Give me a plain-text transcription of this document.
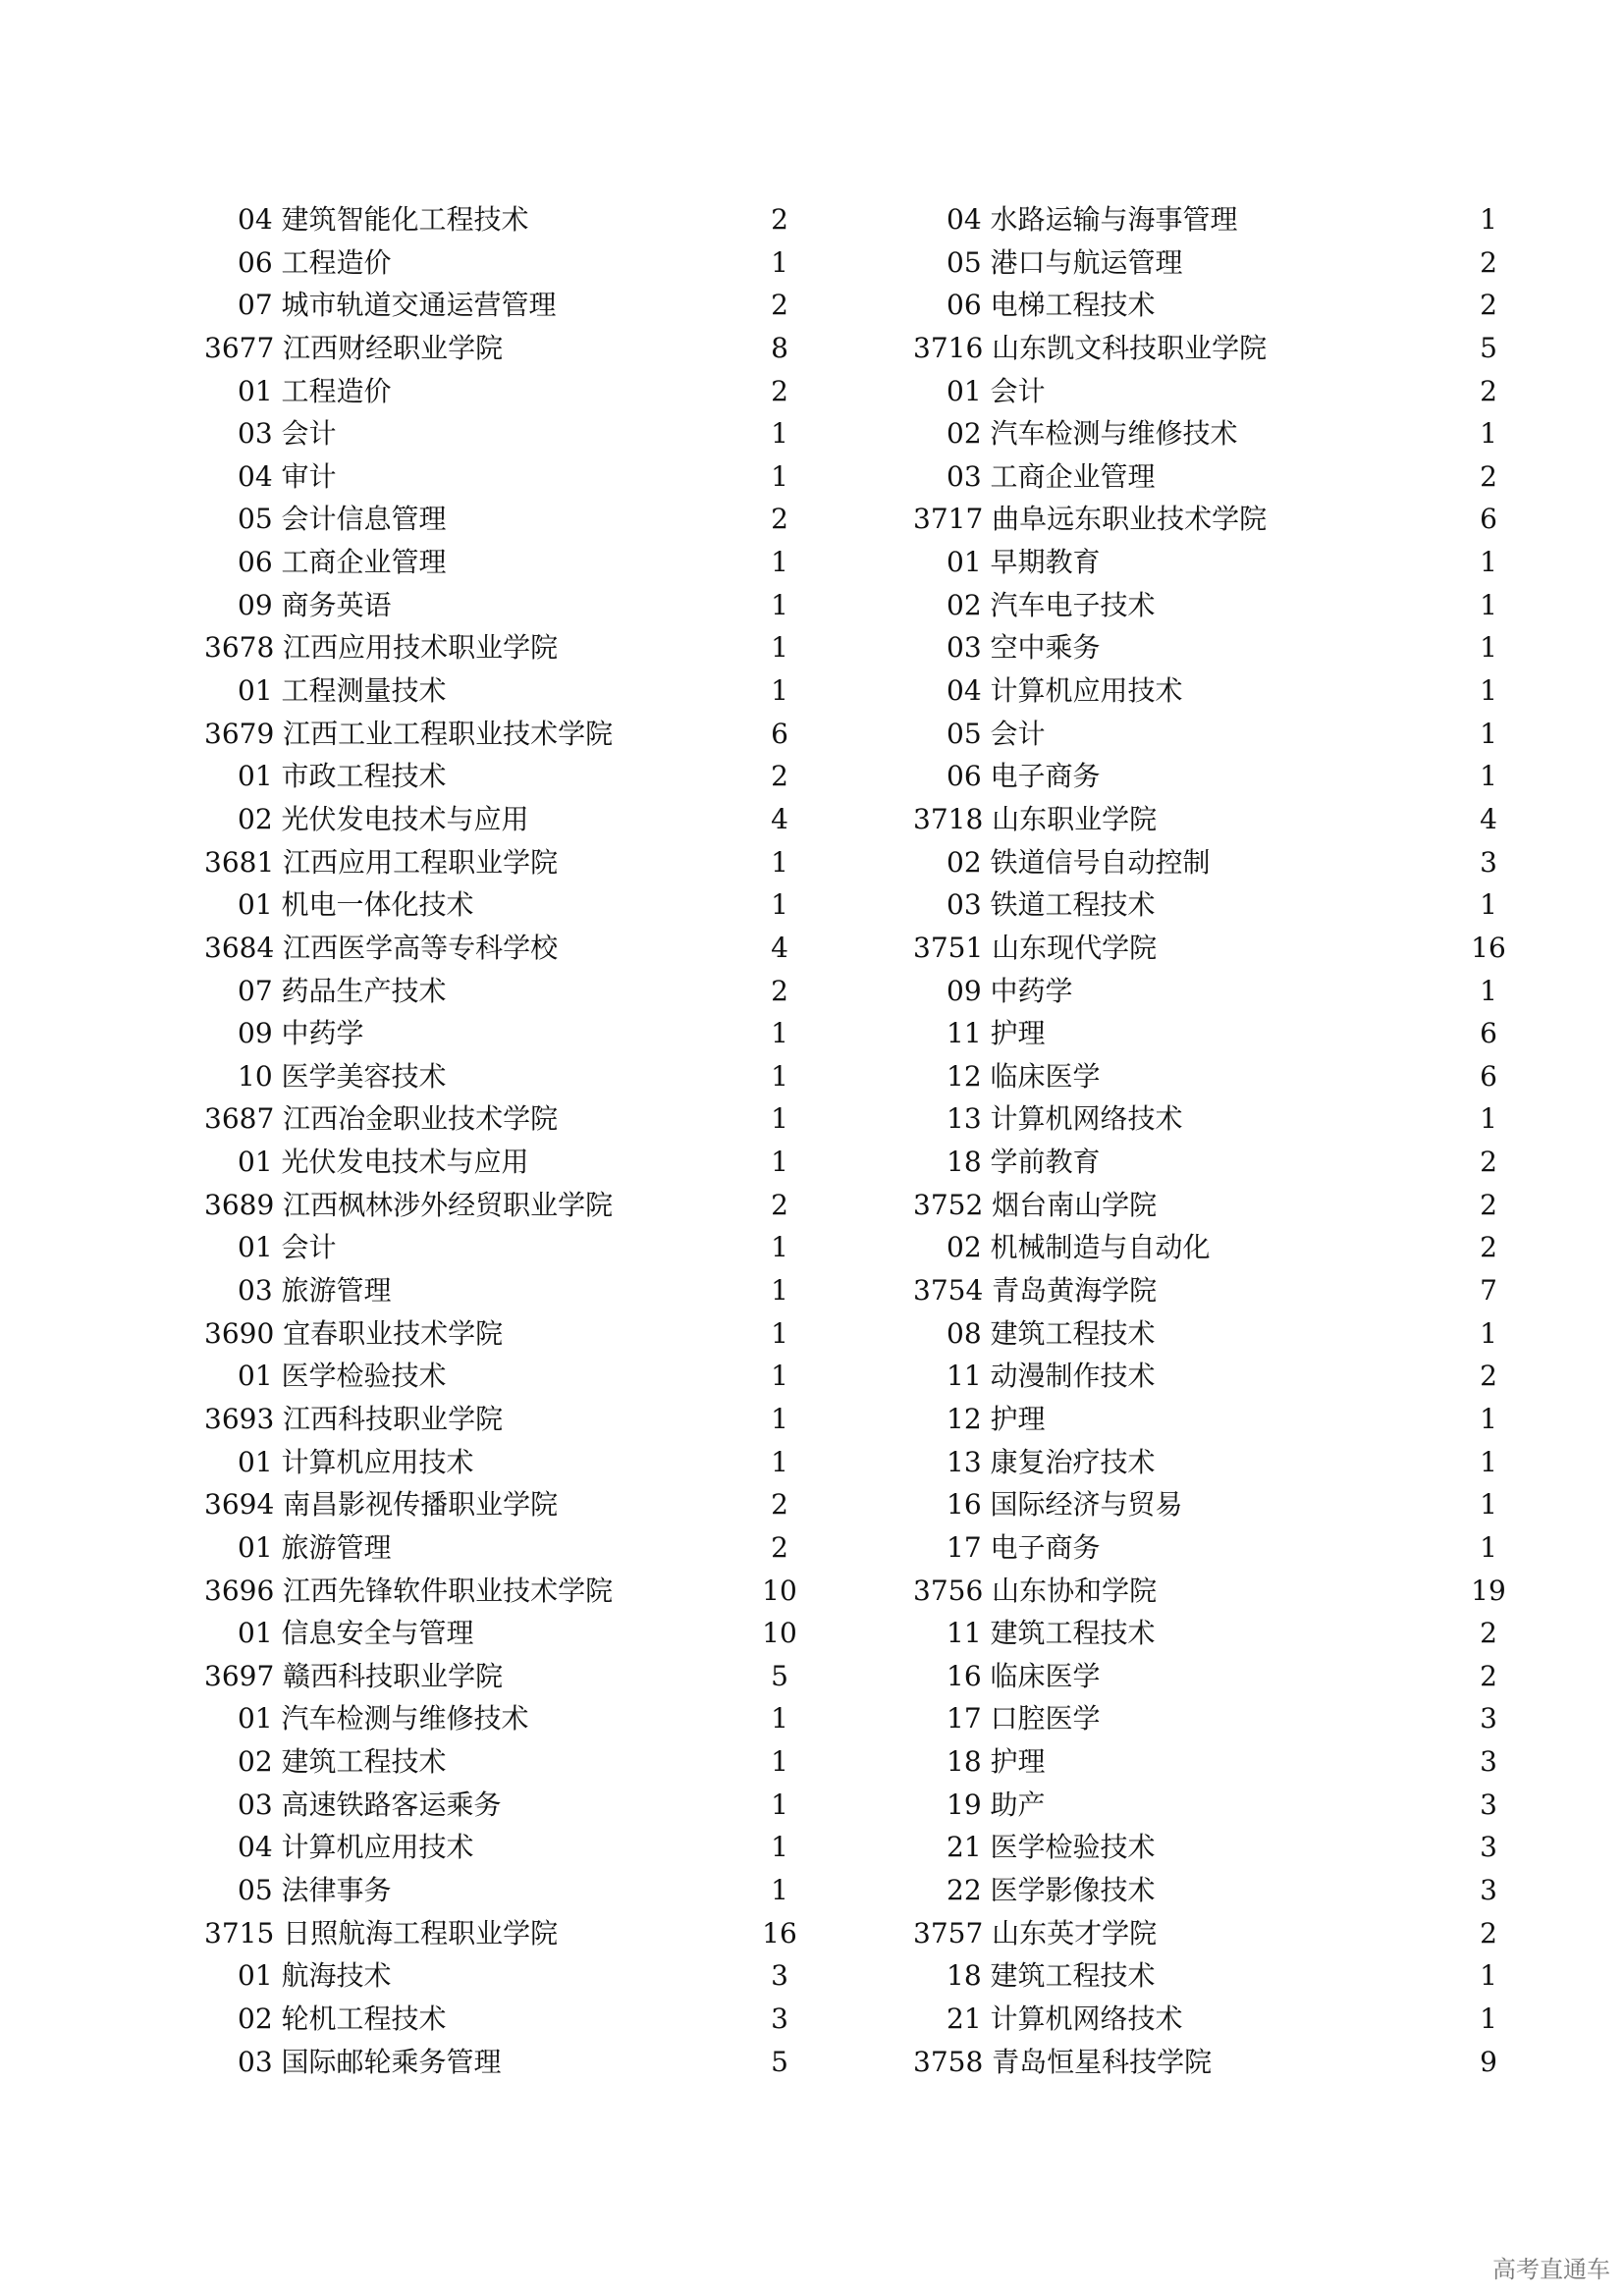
04 建筑智能化工程技术	2
06 工程造价	1
07 城市轨道交通运营管理	2
3677 江西财经职业学院	8
01 工程造价	2
03 会计	1
04 审计	1
05 会计信息管理	2
06 工商企业管理	1
09 商务英语	1
3678 江西应用技术职业学院	1
01 工程测量技术	1
3679 江西工业工程职业技术学院	6
01 市政工程技术	2
02 光伏发电技术与应用	4
3681 江西应用工程职业学院	1
01 机电一体化技术	1
3684 江西医学高等专科学校	4
07 药品生产技术	2
09 中药学	1
10 医学美容技术	1
3687 江西冶金职业技术学院	1
01 光伏发电技术与应用	1
3689 江西枫林涉外经贸职业学院	2
01 会计	1
03 旅游管理	1
3690 宜春职业技术学院	1
01 医学检验技术	1
3693 江西科技职业学院	1
01 计算机应用技术	1
3694 南昌影视传播职业学院	2
01 旅游管理	2
3696 江西先锋软件职业技术学院	10
01 信息安全与管理	10
3697 赣西科技职业学院	5
01 汽车检测与维修技术	1
02 建筑工程技术	1
03 高速铁路客运乘务	1
04 计算机应用技术	1
05 法律事务	1
3715 日照航海工程职业学院	16
01 航海技术	3
02 轮机工程技术	3
03 国际邮轮乘务管理	5
04 水路运输与海事管理	1
05 港口与航运管理	2
06 电梯工程技术	2
3716 山东凯文科技职业学院	5
01 会计	2
02 汽车检测与维修技术	1
03 工商企业管理	2
3717 曲阜远东职业技术学院	6
01 早期教育	1
02 汽车电子技术	1
03 空中乘务	1
04 计算机应用技术	1
05 会计	1
06 电子商务	1
3718 山东职业学院	4
02 铁道信号自动控制	3
03 铁道工程技术	1
3751 山东现代学院	16
09 中药学	1
11 护理	6
12 临床医学	6
13 计算机网络技术	1
18 学前教育	2
3752 烟台南山学院	2
02 机械制造与自动化	2
3754 青岛黄海学院	7
08 建筑工程技术	1
11 动漫制作技术	2
12 护理	1
13 康复治疗技术	1
16 国际经济与贸易	1
17 电子商务	1
3756 山东协和学院	19
11 建筑工程技术	2
16 临床医学	2
17 口腔医学	3
18 护理	3
19 助产	3
21 医学检验技术	3
22 医学影像技术	3
3757 山东英才学院	2
18 建筑工程技术	1
21 计算机网络技术	1
3758 青岛恒星科技学院	9
高考直通车
